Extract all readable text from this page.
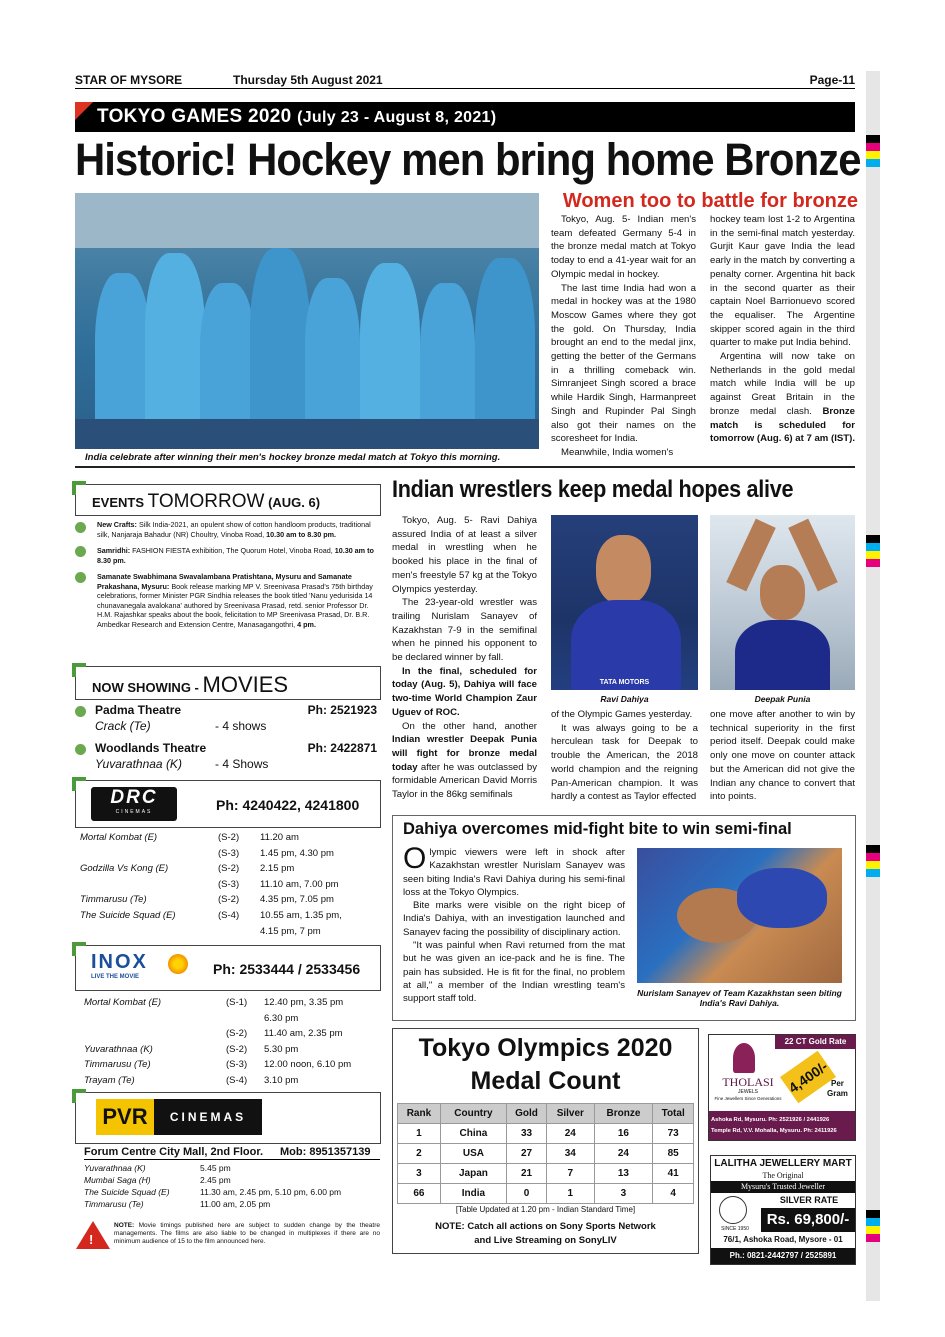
STAR OF MYSORE	Thursday 5th August 2021	Page-11
TOKYO GAMES 2020 (July 23 - August 8, 2021)
Historic! Hockey men bring home Bronze
India celebrate after winning their men's hockey bronze medal match at Tokyo this morning.
Women too to battle for bronze

Tokyo, Aug. 5- Indian men's team defeated Germany 5-4 in the bronze medal match at Tokyo today to end a 41-year wait for an Olympic medal in hockey.

The last time India had won a medal in hockey was at the 1980 Moscow Games where they got the gold. On Thursday, India brought an end to the medal jinx, getting the better of the Germans in a thrilling comeback win. Simranjeet Singh scored a brace while Hardik Singh, Harmanpreet Singh and Rupinder Pal Singh also got their names on the scoresheet for India.

Meanwhile, India women's

hockey team lost 1-2 to Argentina in the semi-final match yesterday. Gurjit Kaur gave India the lead early in the match by converting a penalty corner. Argentina hit back in the second quarter as their captain Noel Barrionuevo scored the equaliser. The Argentine skipper scored again in the third quarter to make put India behind.

Argentina will now take on Netherlands in the gold medal match while India will be up against Great Britain in the bronze medal clash. Bronze match is scheduled for tomorrow (Aug. 6) at 7 am (IST).

EVENTS TOMORROW (AUG. 6)
New Crafts: Silk India-2021, an opulent show of cotton handloom products, traditional silk, Nanjaraja Bahadur (NR) Choultry, Vinoba Road, 10.30 am to 8.30 pm.
Samridhi: FASHION FIESTA exhibition, The Quorum Hotel, Vinoba Road, 10.30 am to 8.30 pm.
Samanate Swabhimana Swavalambana Pratishtana, Mysuru and Samanate Prakashana, Mysuru: Book release marking MP V. Sreenivasa Prasad's 75th birthday celebrations, former Minister PGR Sindhia releases the book titled 'Nanu yedurisida 14 chunavanegala avalokana' authored by Sreenivasa Prasad, retd. senior Professor Dr. H.M. Rajashkar speaks about the book, felicitation to MP Sreenivasa Prasad, Dr. B.R. Ambedkar Research and Extension Centre, Manasagangothri, 4 pm.
NOW SHOWING - MOVIES
Padma Theatre	Ph: 2521923
Crack (Te)	- 4 shows
Woodlands Theatre	Ph: 2422871
Yuvarathnaa (K)	- 4 Shows
DRC
CINEMAS	Ph: 4240422, 4241800
Mortal Kombat (E)	(S-2) 11.20 am
(S-3) 1.45 pm, 4.30 pm
Godzilla Vs Kong (E)	(S-2) 2.15 pm
(S-3) 11.10 am, 7.00 pm
Timmarusu (Te)	(S-2) 4.35 pm, 7.05 pm
The Suicide Squad (E)	(S-4) 10.55 am, 1.35 pm,
4.15 pm, 7 pm
INOX
LIVE THE MOVIE	Ph: 2533444 / 2533456
Mortal Kombat (E)	(S-1) 12.40 pm, 3.35 pm
6.30 pm
(S-2) 11.40 am, 2.35 pm
Yuvarathnaa (K)	(S-2) 5.30 pm
Timmarusu (Te)	(S-3) 12.00 noon, 6.10 pm
Trayam (Te)	(S-4) 3.10 pm
PVR	CINEMAS
Forum Centre City Mall, 2nd Floor. Mob: 8951357139
Yuvarathnaa (K)	5.45 pm
Mumbai Saga (H)	2.45 pm
The Suicide Squad (E)	11.30 am, 2.45 pm, 5.10 pm, 6.00 pm
Timmarusu (Te)	11.00 am, 2.05 pm
!
NOTE: Movie timings published here are subject to sudden change by the theatre managements. The films are also liable to be changed in multiplexes if there are no minimum audience of 15 to the film announced here.
Indian wrestlers keep medal hopes alive

Tokyo, Aug. 5- Ravi Dahiya assured India of at least a silver medal in wrestling when he booked his place in the final of men's freestyle 57 kg at the Tokyo Olympics yesterday.

The 23-year-old wrestler was trailing Nurislam Sanayev of Kazakhstan 7-9 in the semifinal when he pinned his opponent to be declared winner by fall.

In the final, scheduled for today (Aug. 5), Dahiya will face two-time World Champion Zaur Uguev of ROC.

On the other hand, another Indian wrestler Deepak Punia will fight for bronze medal today after he was outclassed by formidable American David Morris Taylor in the 86kg semifinals

TATA MOTORS
Ravi Dahiya	Deepak Punia

of the Olympic Games yesterday.

It was always going to be a herculean task for Deepak to trouble the American, the 2018 world champion and the reigning Pan-American champion. It was hardly a contest as Taylor effected

one move after another to win by technical superiority in the first period itself. Deepak could make only one move on counter attack but the American did not give the Indian any chance to convert that into points.

Dahiya overcomes mid-fight bite to win semi-final

Olympic viewers were left in shock after Kazakhstan wrestler Nurislam Sanayev was seen biting India's Ravi Dahiya during his semi-final loss at the Tokyo Olympics.

Bite marks were visible on the right bicep of India's Dahiya, with an investigation launched and Sanayev facing the possibility of disciplinary action.

"It was painful when Ravi returned from the mat but he was given an ice-pack and he is fine. The pain has subsided. He is fit for the final, no problem at all," a member of the Indian wrestling team's support staff told.

Nurislam Sanayev of Team Kazakhstan seen biting India's Ravi Dahiya.
Tokyo Olympics 2020
Medal Count
Rank	Country	Gold	Silver	Bronze	Total
1	China	33	24	16	73
2	USA	27	34	24	85
3	Japan	21	7	13	41
66	India	0	1	3	4
[Table Updated at 1.20 pm - Indian Standard Time]
NOTE: Catch all actions on Sony Sports Network
and Live Streaming on SonyLIV
22 CT Gold Rate
THOLASI
JEWELS
Fine Jewellers Since Generations
4,400/- Per
Gram
Ashoka Rd, Mysuru. Ph: 2521926 / 2441926
Temple Rd, V.V. Mohalla, Mysuru. Ph: 2411926
LALITHA JEWELLERY MART
The Original
Mysuru's Trusted Jeweller
SILVER RATE
SINCE 1950
Rs. 69,800/-
76/1, Ashoka Road, Mysore - 01
Ph.: 0821-2442797 / 2525891
